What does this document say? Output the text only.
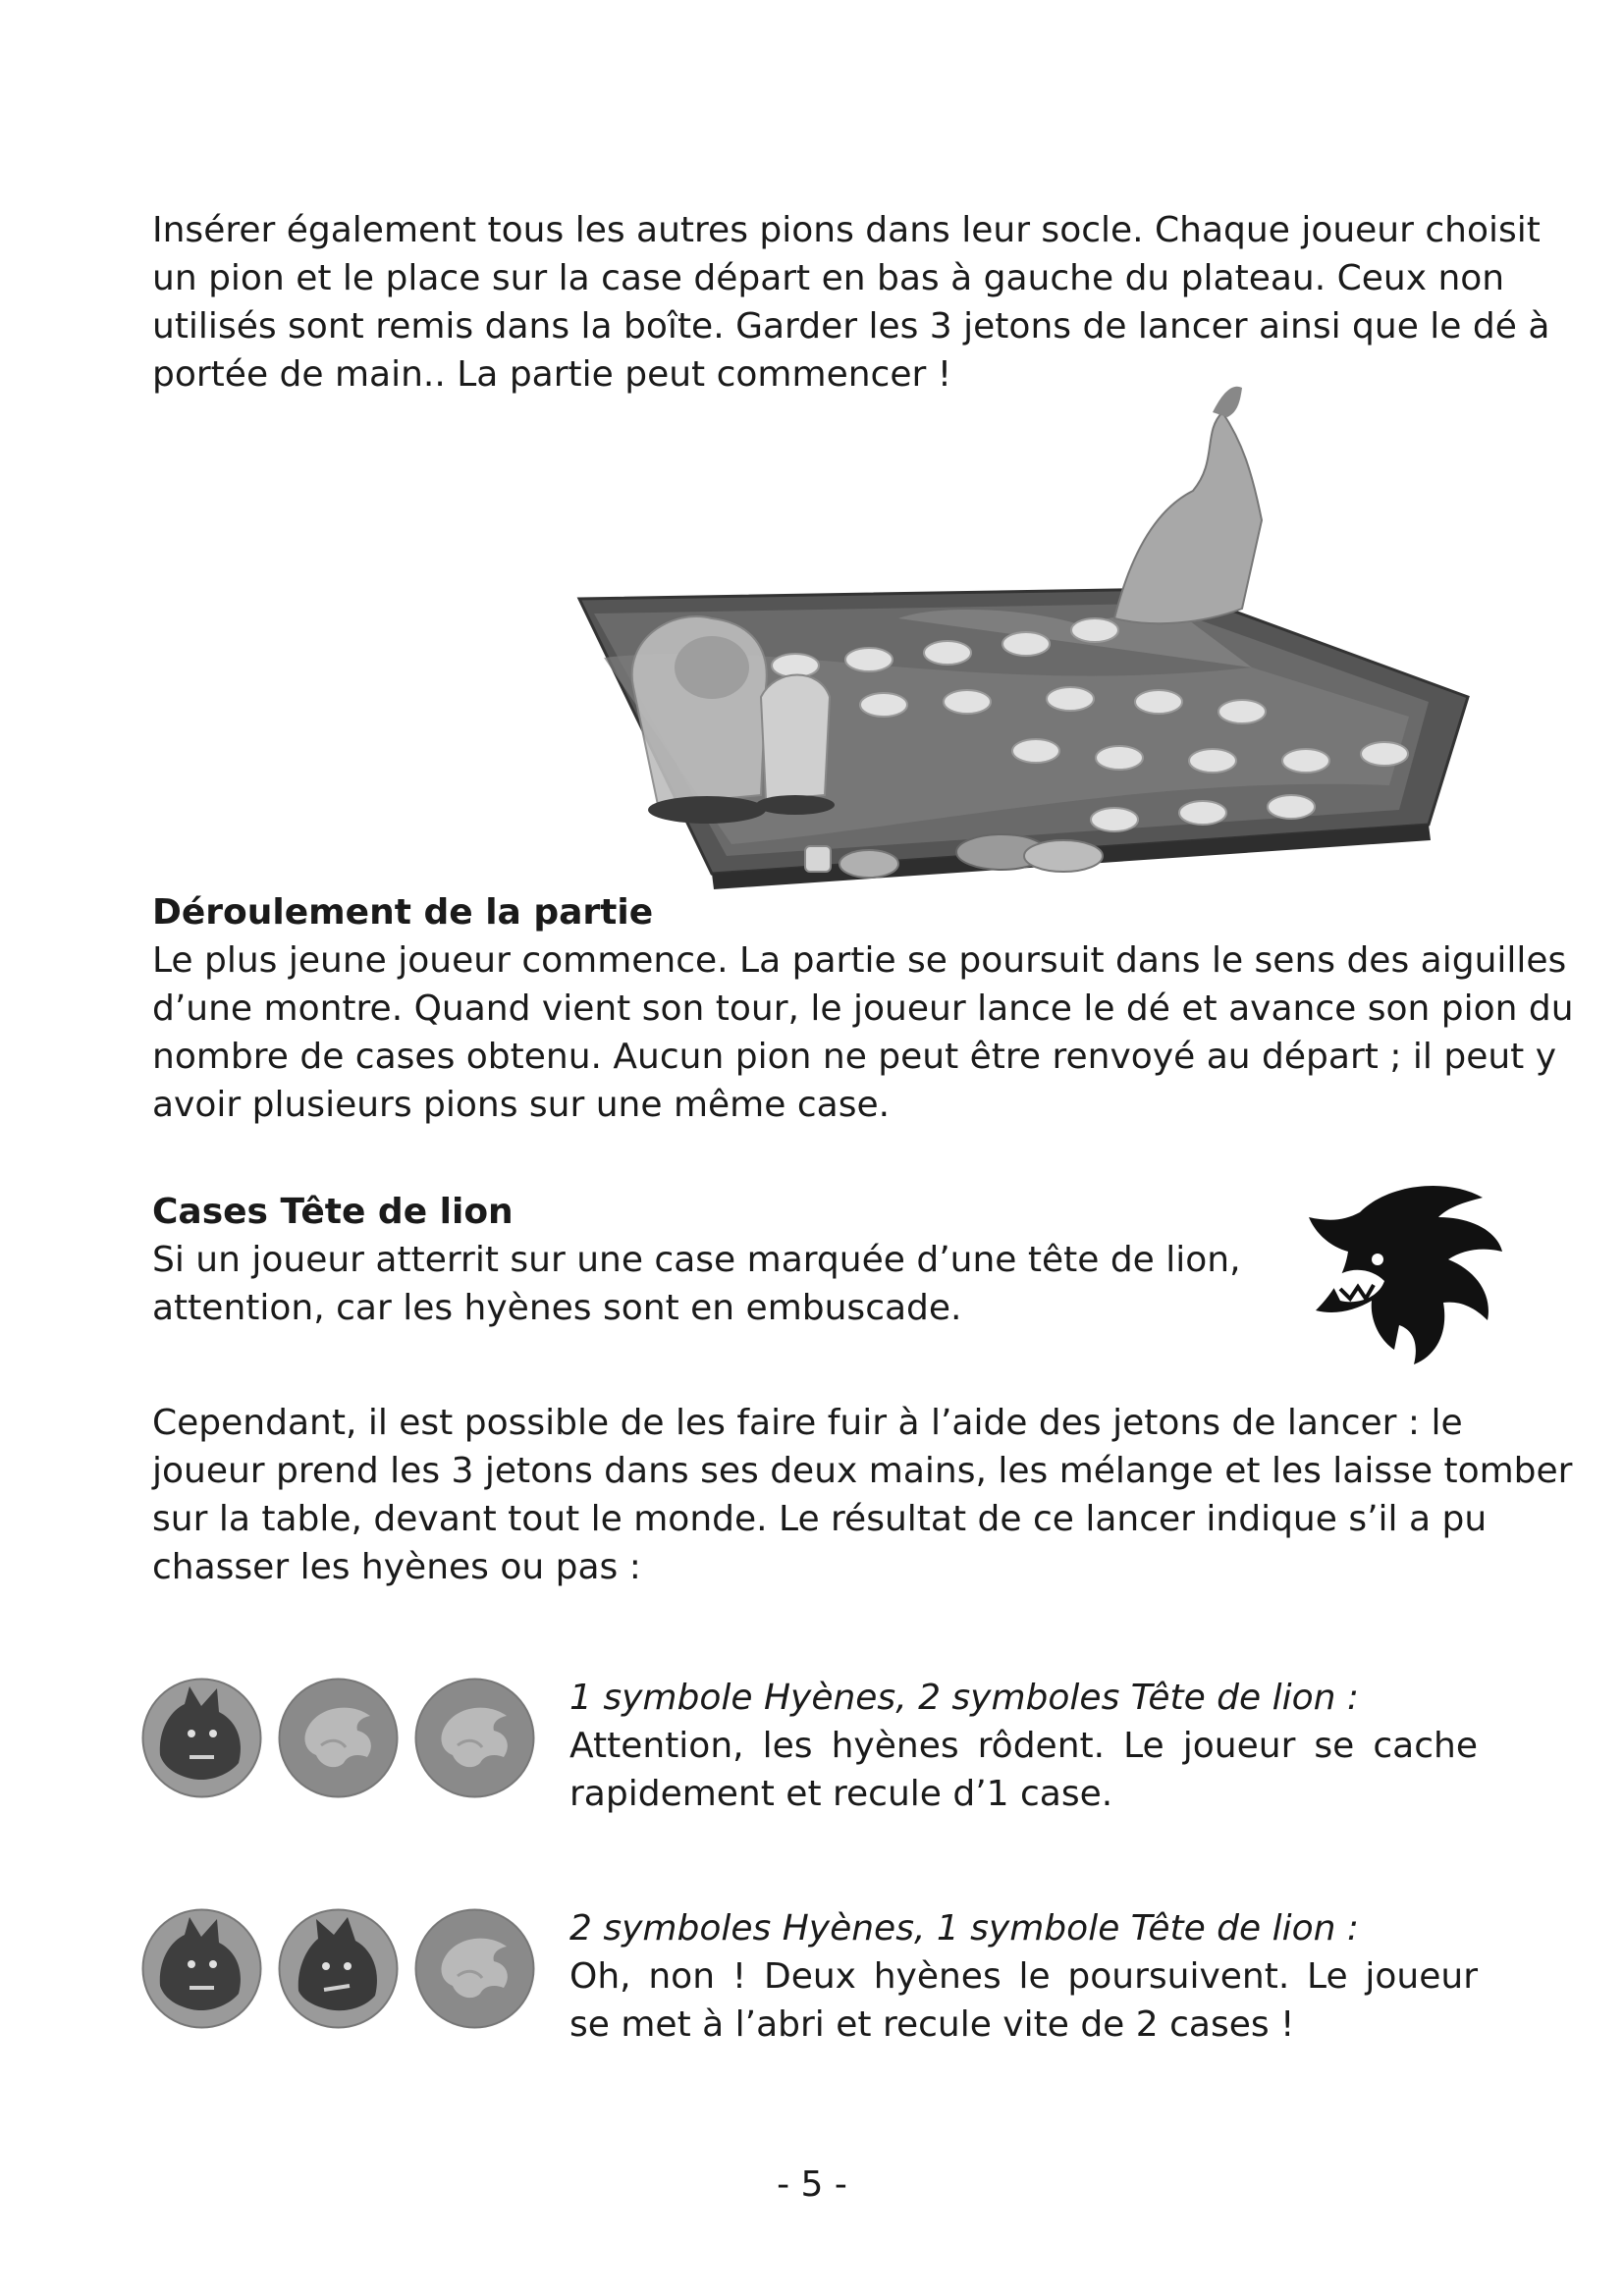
Insérer également tous les autres pions dans leur socle. Chaque joueur choisit un pion et le place sur la case départ en bas à gauche du plateau. Ceux non utilisés sont remis dans la boîte. Garder les 3 jetons de lancer ainsi que le dé à portée de main.. La partie peut commencer !

Déroulement de la partie

Le plus jeune joueur commence. La partie se poursuit dans le sens des aiguilles d’une montre. Quand vient son tour, le joueur lance le dé et avance son pion du nombre de cases obtenu. Aucun pion ne peut être renvoyé au départ ; il peut y avoir plusieurs pions sur une même case.

Cases Tête de lion

Si un joueur atterrit sur une case marquée d’une tête de lion, attention, car les hyènes sont en embuscade.

Cependant, il est possible de les faire fuir à l’aide des jetons de lancer : le joueur prend les 3 jetons dans ses deux mains, les mélange et les laisse tomber sur la table, devant tout le monde. Le résultat de ce lancer indique s’il a pu chasser les hyènes ou pas :

1 symbole Hyènes, 2 symboles Tête de lion :

Attention, les hyènes rôdent. Le joueur se cache rapidement et recule d’1 case.

2 symboles Hyènes, 1 symbole Tête de lion :

Oh, non ! Deux hyènes le poursuivent. Le joueur se met à l’abri et recule vite de 2 cases !

- 5 -
